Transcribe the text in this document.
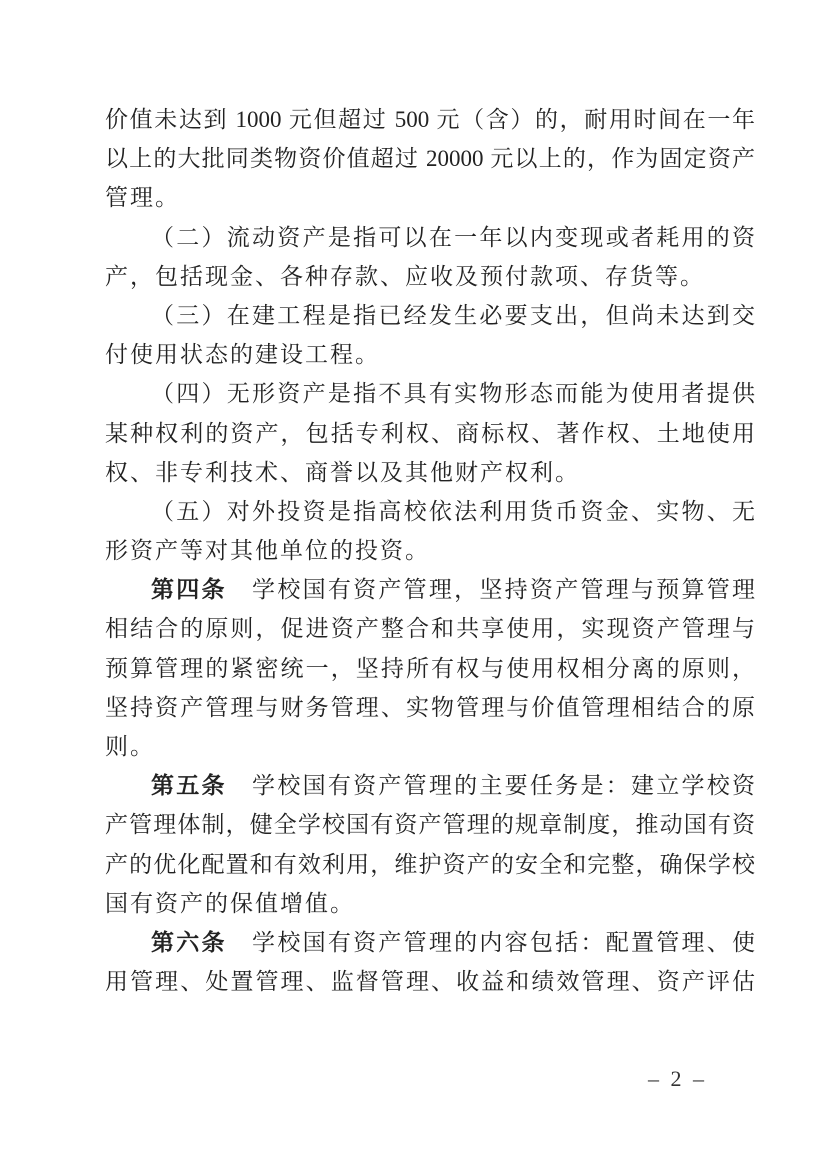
价值未达到 1000 元但超过 500 元（含）的，耐用时间在一年
以上的大批同类物资价值超过 20000 元以上的，作为固定资产
管理。
（二）流动资产是指可以在一年以内变现或者耗用的资
产，包括现金、各种存款、应收及预付款项、存货等。
（三）在建工程是指已经发生必要支出，但尚未达到交
付使用状态的建设工程。
（四）无形资产是指不具有实物形态而能为使用者提供
某种权利的资产，包括专利权、商标权、著作权、土地使用
权、非专利技术、商誉以及其他财产权利。
（五）对外投资是指高校依法利用货币资金、实物、无
形资产等对其他单位的投资。
第四条　学校国有资产管理，坚持资产管理与预算管理
相结合的原则，促进资产整合和共享使用，实现资产管理与
预算管理的紧密统一，坚持所有权与使用权相分离的原则，
坚持资产管理与财务管理、实物管理与价值管理相结合的原
则。
第五条　学校国有资产管理的主要任务是：建立学校资
产管理体制，健全学校国有资产管理的规章制度，推动国有资
产的优化配置和有效利用，维护资产的安全和完整，确保学校
国有资产的保值增值。
第六条　学校国有资产管理的内容包括：配置管理、使
用管理、处置管理、监督管理、收益和绩效管理、资产评估
– 2 –
